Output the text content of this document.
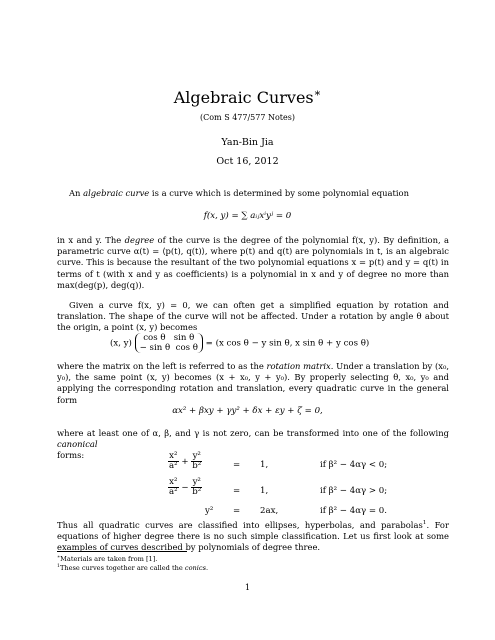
Algebraic Curves∗
(Com S 477/577 Notes)
Yan-Bin Jia
Oct 16, 2012

An algebraic curve is a curve which is determined by some polynomial equation

f(x, y) = ∑ aᵢⱼxⁱyʲ = 0

in x and y. The degree of the curve is the degree of the polynomial f(x, y). By definition, a parametric curve α(t) = ⟨p(t), q(t)⟩, where p(t) and q(t) are polynomials in t, is an algebraic curve. This is because the resultant of the two polynomial equations x = p(t) and y = q(t) in terms of t (with x and y as coefficients) is a polynomial in x and y of degree no more than max(deg(p), deg(q)).

Given a curve f(x, y) = 0, we can often get a simplified equation by rotation and translation. The shape of the curve will not be affected. Under a rotation by angle θ about the origin, a point (x, y) becomes

(x, y) cos θ sin θ
− sin θ cos θ = (x cos θ − y sin θ, x sin θ + y cos θ)

where the matrix on the left is referred to as the rotation matrix. Under a translation by (x₀, y₀), the same point (x, y) becomes (x + x₀, y + y₀). By properly selecting θ, x₀, y₀ and applying the corresponding rotation and translation, every quadratic curve in the general form

αx² + βxy + γy² + δx + εy + ζ = 0,

where at least one of α, β, and γ is not zero, can be transformed into one of the following canonical
forms:	$\frac{\text{x²}}{\text{a²}} + \frac{\text{y²}}{\text{b²}}$	= 1,	if β² − 4αγ < 0;
$\frac{\text{x²}}{\text{a²}} - \frac{\text{y²}}{\text{b²}}$	= 1,	if β² − 4αγ > 0;
y² = 2ax,	if β² − 4αγ = 0.

Thus all quadratic curves are classified into ellipses, hyperbolas, and parabolas$^1$. For equations of higher degree there is no such simple classification. Let us first look at some examples of curves described by polynomials of degree three.

∗Materials are taken from [1].
$^1$These curves together are called the conics.
1
